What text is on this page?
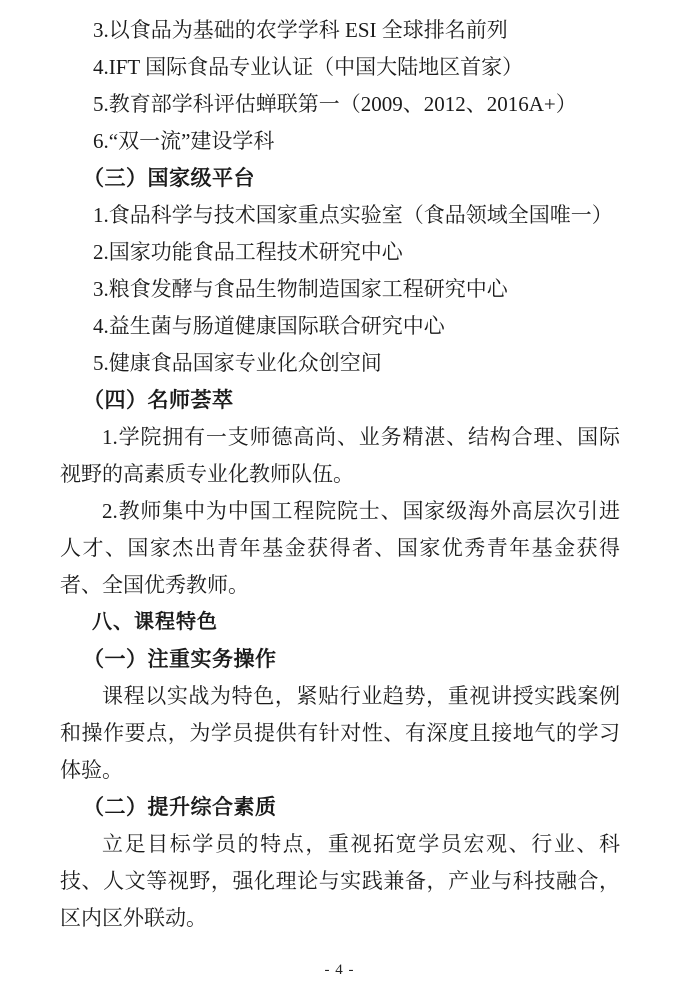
3.以食品为基础的农学学科 ESI 全球排名前列
4.IFT 国际食品专业认证（中国大陆地区首家）
5.教育部学科评估蝉联第一（2009、2012、2016A+）
6.“双一流”建设学科
（三）国家级平台
1.食品科学与技术国家重点实验室（食品领域全国唯一）
2.国家功能食品工程技术研究中心
3.粮食发酵与食品生物制造国家工程研究中心
4.益生菌与肠道健康国际联合研究中心
5.健康食品国家专业化众创空间
（四）名师荟萃
1.学院拥有一支师德高尚、业务精湛、结构合理、国际视野的高素质专业化教师队伍。
2.教师集中为中国工程院院士、国家级海外高层次引进人才、国家杰出青年基金获得者、国家优秀青年基金获得者、全国优秀教师。
八、课程特色
（一）注重实务操作
课程以实战为特色，紧贴行业趋势，重视讲授实践案例和操作要点，为学员提供有针对性、有深度且接地气的学习体验。
（二）提升综合素质
立足目标学员的特点，重视拓宽学员宏观、行业、科技、人文等视野，强化理论与实践兼备，产业与科技融合，区内区外联动。
- 4 -
